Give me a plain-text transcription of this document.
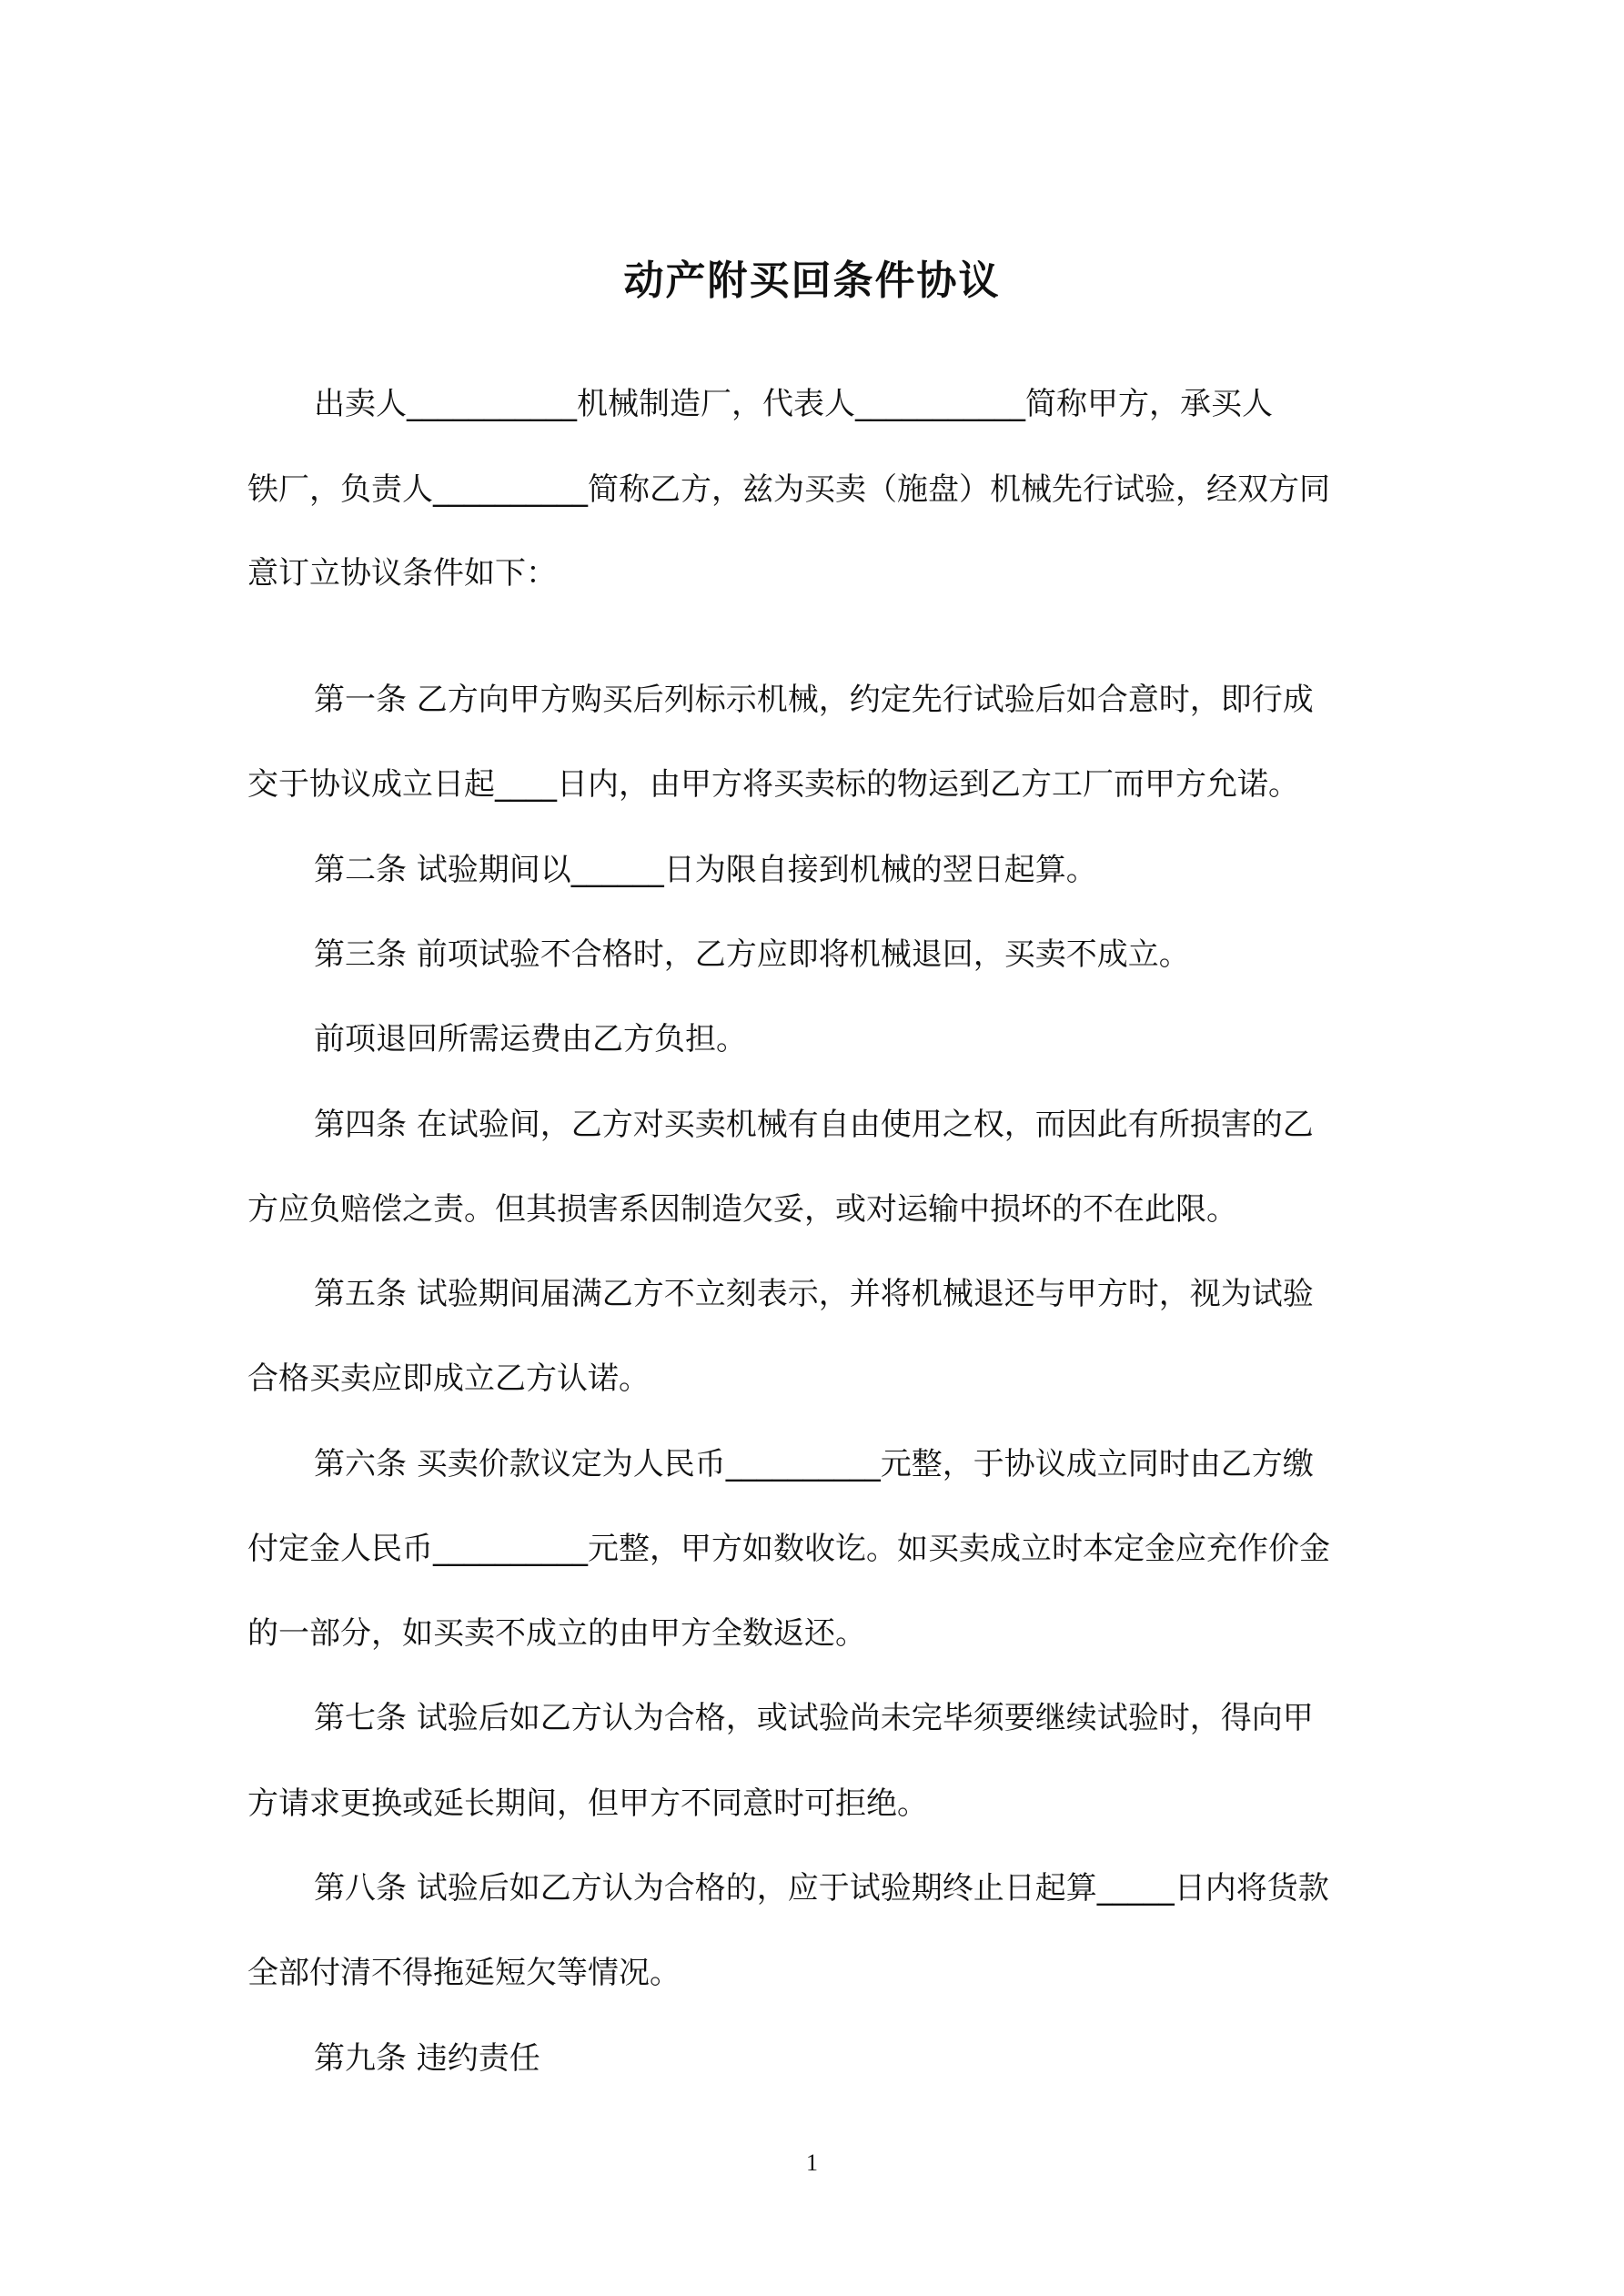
动产附买回条件协议
出卖人___________机械制造厂，代表人___________简称甲方，承买人
铁厂，负责人__________简称乙方，兹为买卖（施盘）机械先行试验，经双方同
意订立协议条件如下：
第一条 乙方向甲方购买后列标示机械，约定先行试验后如合意时，即行成
交于协议成立日起____日内，由甲方将买卖标的物运到乙方工厂而甲方允诺。
第二条 试验期间以______日为限自接到机械的翌日起算。
第三条 前项试验不合格时，乙方应即将机械退回，买卖不成立。
前项退回所需运费由乙方负担。
第四条 在试验间，乙方对买卖机械有自由使用之权，而因此有所损害的乙
方应负赔偿之责。但其损害系因制造欠妥，或对运输中损坏的不在此限。
第五条 试验期间届满乙方不立刻表示，并将机械退还与甲方时，视为试验
合格买卖应即成立乙方认诺。
第六条 买卖价款议定为人民币__________元整，于协议成立同时由乙方缴
付定金人民币__________元整，甲方如数收讫。如买卖成立时本定金应充作价金
的一部分，如买卖不成立的由甲方全数返还。
第七条 试验后如乙方认为合格，或试验尚未完毕须要继续试验时，得向甲
方请求更换或延长期间，但甲方不同意时可拒绝。
第八条 试验后如乙方认为合格的，应于试验期终止日起算_____日内将货款
全部付清不得拖延短欠等情况。
第九条 违约责任
1
